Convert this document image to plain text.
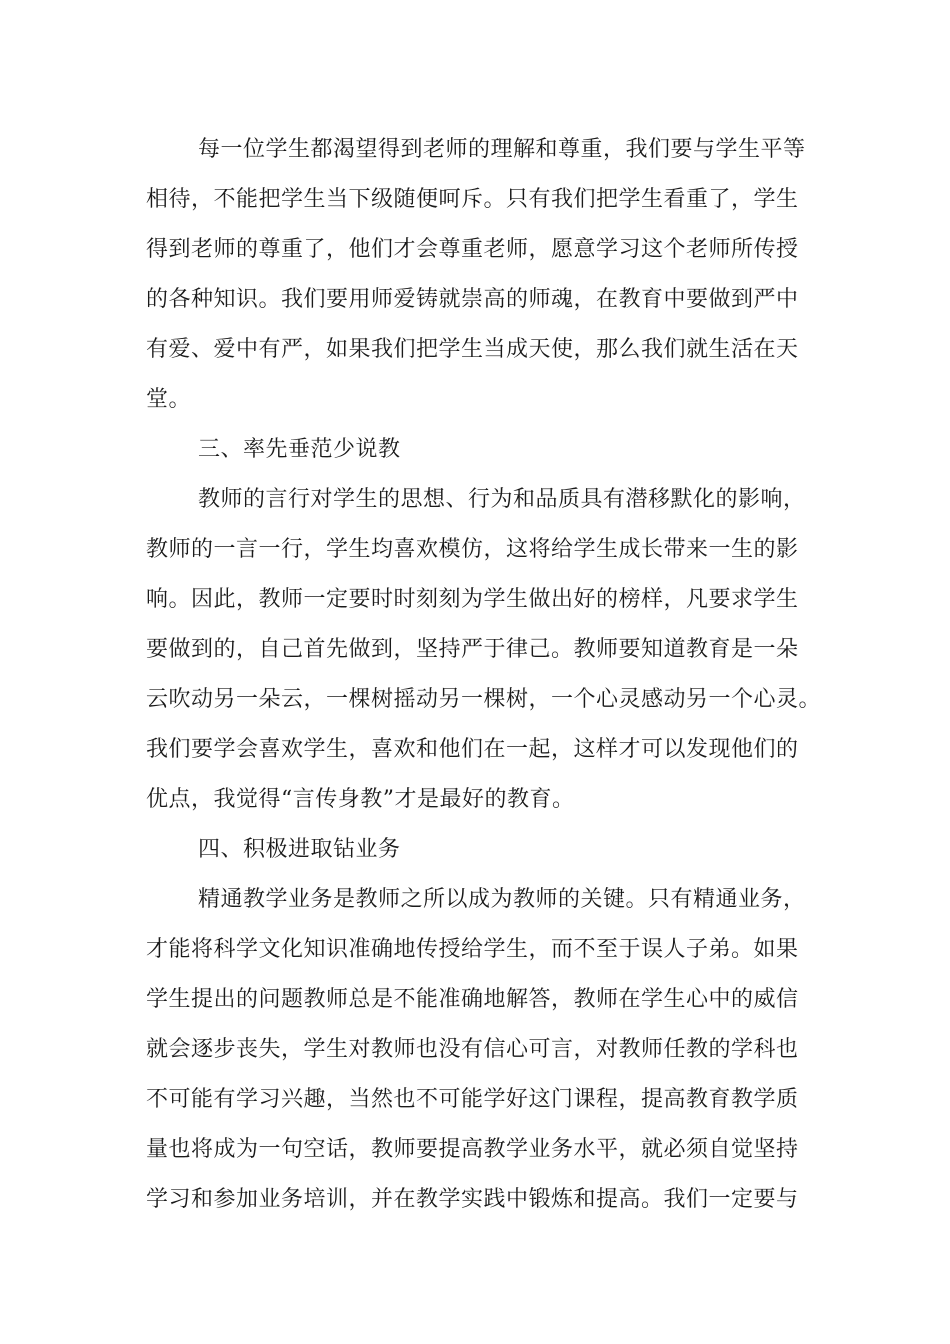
每一位学生都渴望得到老师的理解和尊重，我们要与学生平等
相待，不能把学生当下级随便呵斥。只有我们把学生看重了，学生
得到老师的尊重了，他们才会尊重老师，愿意学习这个老师所传授
的各种知识。我们要用师爱铸就崇高的师魂，在教育中要做到严中
有爱、爱中有严，如果我们把学生当成天使，那么我们就生活在天
堂。
三、率先垂范少说教
教师的言行对学生的思想、行为和品质具有潜移默化的影响，
教师的一言一行，学生均喜欢模仿，这将给学生成长带来一生的影
响。因此，教师一定要时时刻刻为学生做出好的榜样，凡要求学生
要做到的，自己首先做到，坚持严于律己。教师要知道教育是一朵
云吹动另一朵云，一棵树摇动另一棵树，一个心灵感动另一个心灵。
我们要学会喜欢学生，喜欢和他们在一起，这样才可以发现他们的
优点，我觉得“言传身教”才是最好的教育。
四、积极进取钻业务
精通教学业务是教师之所以成为教师的关键。只有精通业务，
才能将科学文化知识准确地传授给学生，而不至于误人子弟。如果
学生提出的问题教师总是不能准确地解答，教师在学生心中的威信
就会逐步丧失，学生对教师也没有信心可言，对教师任教的学科也
不可能有学习兴趣，当然也不可能学好这门课程，提高教育教学质
量也将成为一句空话，教师要提高教学业务水平，就必须自觉坚持
学习和参加业务培训，并在教学实践中锻炼和提高。我们一定要与
